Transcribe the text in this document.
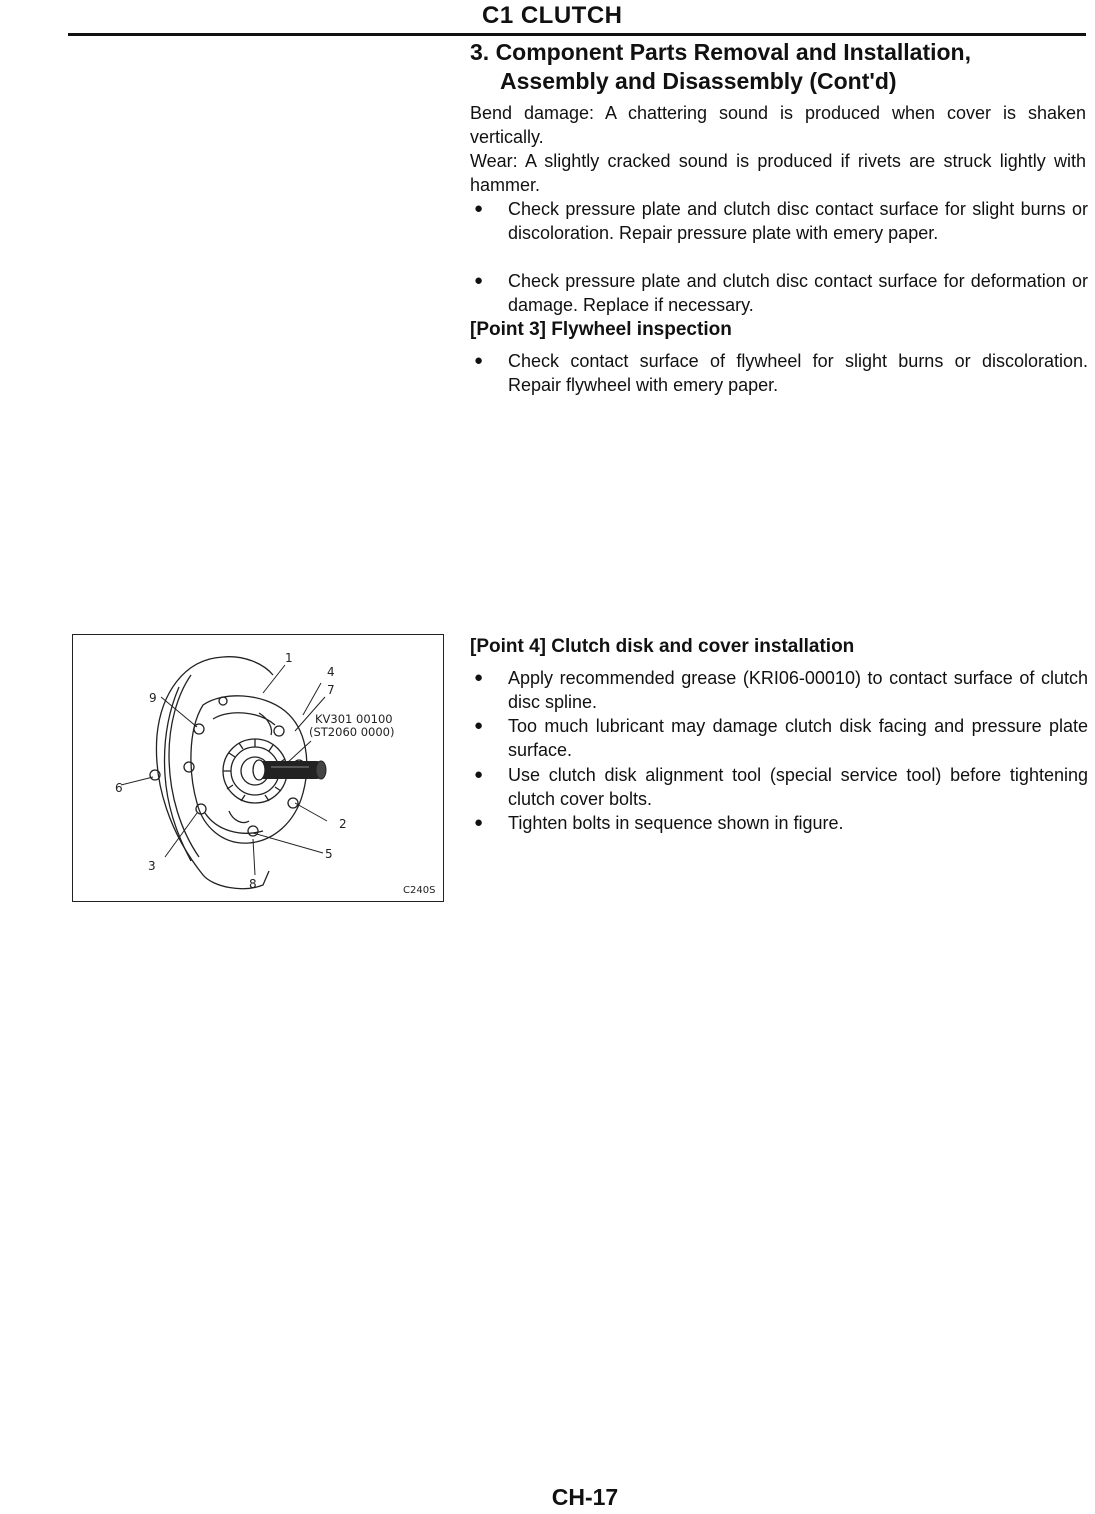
C1 CLUTCH
3. Component Parts Removal and Installation,
Assembly and Disassembly (Cont'd)
Bend damage: A chattering sound is produced when cover is shaken vertically.
Wear: A slightly cracked sound is produced if rivets are struck lightly with hammer.
● Check pressure plate and clutch disc contact surface for slight burns or discoloration. Repair pressure plate with emery paper.
● Check pressure plate and clutch disc contact surface for deformation or damage. Replace if necessary.
[Point 3] Flywheel inspection
● Check contact surface of flywheel for slight burns or discoloration. Repair flywheel with emery paper.
1
2
3
4
5
6
7
8
9
KV301 00100
(ST2060 0000)
C240S
[Point 4] Clutch disk and cover installation
● Apply recommended grease (KRI06-00010) to contact surface of clutch disc spline.
● Too much lubricant may damage clutch disk facing and pressure plate surface.
● Use clutch disk alignment tool (special service tool) before tightening clutch cover bolts.
● Tighten bolts in sequence shown in figure.
CH-17
